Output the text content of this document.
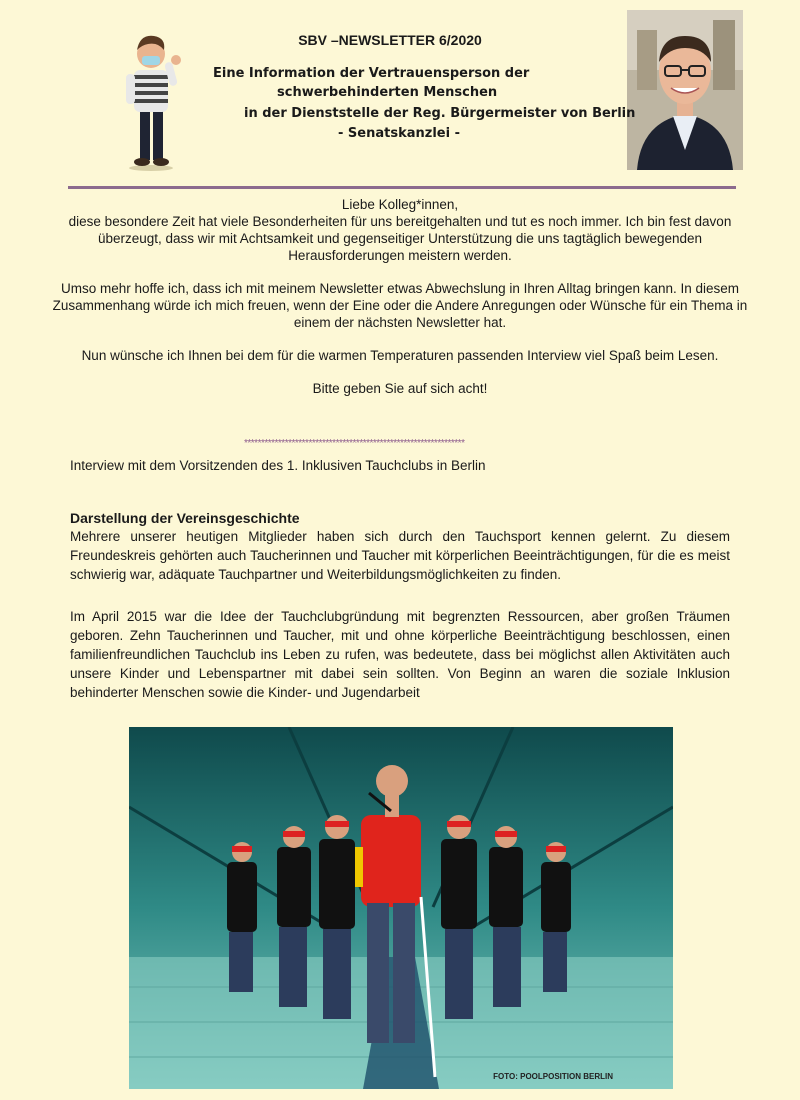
SBV –NEWSLETTER 6/2020
Eine Information der Vertrauensperson der
schwerbehinderten Menschen
in der Dienststelle der Reg. Bürgermeister von Berlin
- Senatskanzlei -

Liebe Kolleg*innen,

diese besondere Zeit hat viele Besonderheiten für uns bereitgehalten und tut es noch immer. Ich bin fest davon überzeugt, dass wir mit Achtsamkeit und gegenseitiger Unterstützung die uns tagtäglich bewegenden Herausforderungen meistern werden.

Umso mehr hoffe ich, dass ich mit meinem Newsletter etwas Abwechslung in Ihren Alltag bringen kann. In diesem Zusammenhang würde ich mich freuen, wenn der Eine oder die Andere Anregungen oder Wünsche für ein Thema in einem der nächsten Newsletter hat.

Nun wünsche ich Ihnen bei dem für die warmen Temperaturen passenden Interview viel Spaß beim Lesen.

Bitte geben Sie auf sich acht!

*****************************************************************
Interview mit dem Vorsitzenden des 1. Inklusiven Tauchclubs in Berlin
Darstellung der Vereinsgeschichte

Mehrere unserer heutigen Mitglieder haben sich durch den Tauchsport kennen gelernt. Zu diesem Freundeskreis gehörten auch Taucherinnen und Taucher mit körperlichen Beeinträchtigungen, für die es meist schwierig war, adäquate Tauchpartner und Weiterbildungsmöglichkeiten zu finden.

Im April 2015 war die Idee der Tauchclubgründung mit begrenzten Ressourcen, aber großen Träumen geboren. Zehn Taucherinnen und Taucher, mit und ohne körperliche Beeinträchtigung beschlossen, einen familienfreundlichen Tauchclub ins Leben zu rufen, was bedeutete, dass bei möglichst allen Aktivitäten auch unsere Kinder und Lebenspartner mit dabei sein sollten. Von Beginn an waren die soziale Inklusion behinderter Menschen sowie die Kinder- und Jugendarbeit

FOTO: POOLPOSITION BERLIN
